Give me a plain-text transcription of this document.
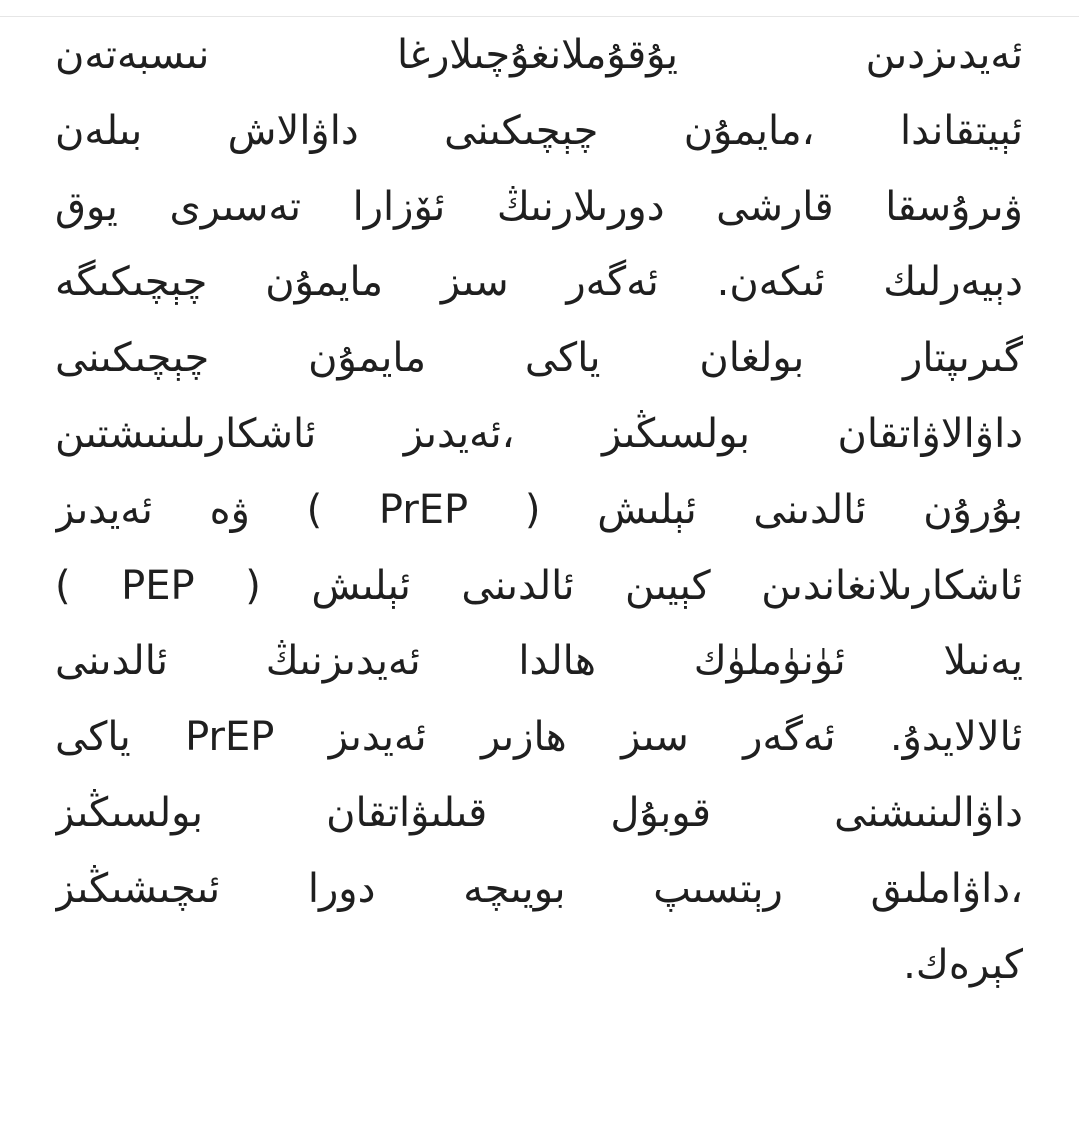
ئەيدىزدىن يۇقۇملانغۇچىلارغا نىسبەتەن
ئېيتقاندا ،مايمۇن چېچىكىنى داۋالاش بىلەن
ۋىرۇسقا قارشى دورىلارنىڭ ئۆزارا تەسىرى يوق
دېيەرلىك ئىكەن. ئەگەر سىز مايمۇن چېچىكىگە
گىرىپتار بولغان ياكى مايمۇن چېچىكىنى
داۋالاۋاتقان بولسىڭىز ،ئەيدىز ئاشكارىلىنىشتىن
بۇرۇن ئالدىنى ئېلىش ( PrEP ) ۋە ئەيدىز
ئاشكارىلانغاندىن كېيىن ئالدىنى ئېلىش ( PEP )
يەنىلا ئۈنۈملۈك هالدا ئەيدىزنىڭ ئالدىنى
ئالالايدۇ. ئەگەر سىز هازىر ئەيدىز PrEP ياكى
داۋالىنىشنى قوبۇل قىلىۋاتقان بولسىڭىز
،داۋاملىق رېتسىپ بويىچە دورا ئىچىشىڭىز
كېرەك.
